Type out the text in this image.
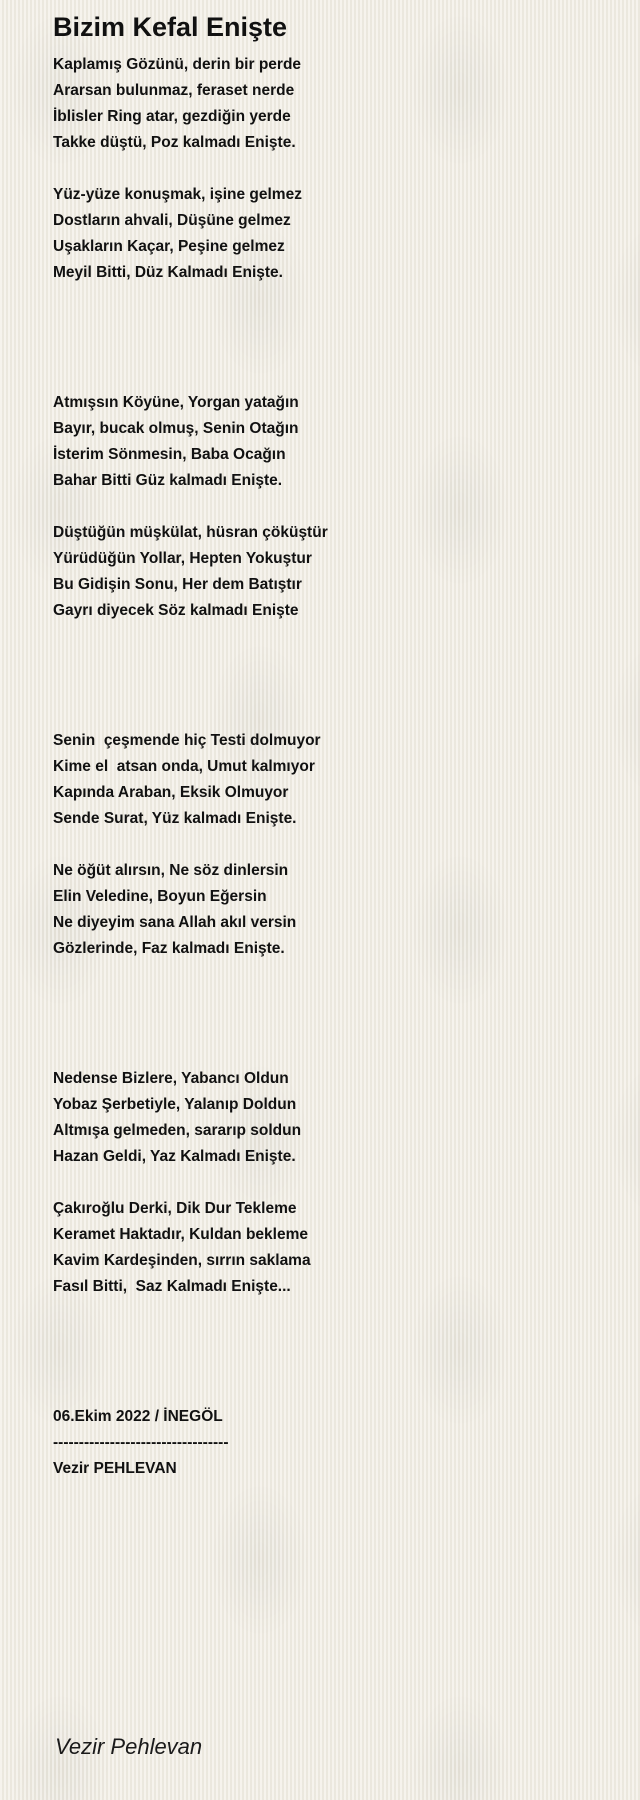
Bizim Kefal Enişte
Kaplamış Gözünü, derin bir perde
Ararsan bulunmaz, feraset nerde
İblisler Ring atar, gezdiğin yerde
Takke düştü, Poz kalmadı Enişte.
Yüz-yüze konuşmak, işine gelmez
Dostların ahvali, Düşüne gelmez
Uşakların Kaçar, Peşine gelmez
Meyil Bitti, Düz Kalmadı Enişte.
Atmışsın Köyüne, Yorgan yatağın
Bayır, bucak olmuş, Senin Otağın
İsterim Sönmesin, Baba Ocağın
Bahar Bitti Güz kalmadı Enişte.
Düştüğün müşkülat, hüsran çöküştür
Yürüdüğün Yollar, Hepten Yokuştur
Bu Gidişin Sonu, Her dem Batıştır
Gayrı diyecek Söz kalmadı Enişte
Senin  çeşmende hiç Testi dolmuyor
Kime el  atsan onda, Umut kalmıyor
Kapında Araban, Eksik Olmuyor
Sende Surat, Yüz kalmadı Enişte.
Ne öğüt alırsın, Ne söz dinlersin
Elin Veledine, Boyun Eğersin
Ne diyeyim sana Allah akıl versin
Gözlerinde, Faz kalmadı Enişte.
Nedense Bizlere, Yabancı Oldun
Yobaz Şerbetiyle, Yalanıp Doldun
Altmışa gelmeden, sararıp soldun
Hazan Geldi, Yaz Kalmadı Enişte.
Çakıroğlu Derki, Dik Dur Tekleme
Keramet Haktadır, Kuldan bekleme
Kavim Kardeşinden, sırrın saklama
Fasıl Bitti,  Saz Kalmadı Enişte...
06.Ekim 2022 / İNEGÖL
----------------------------------
Vezir PEHLEVAN
Vezir Pehlevan
